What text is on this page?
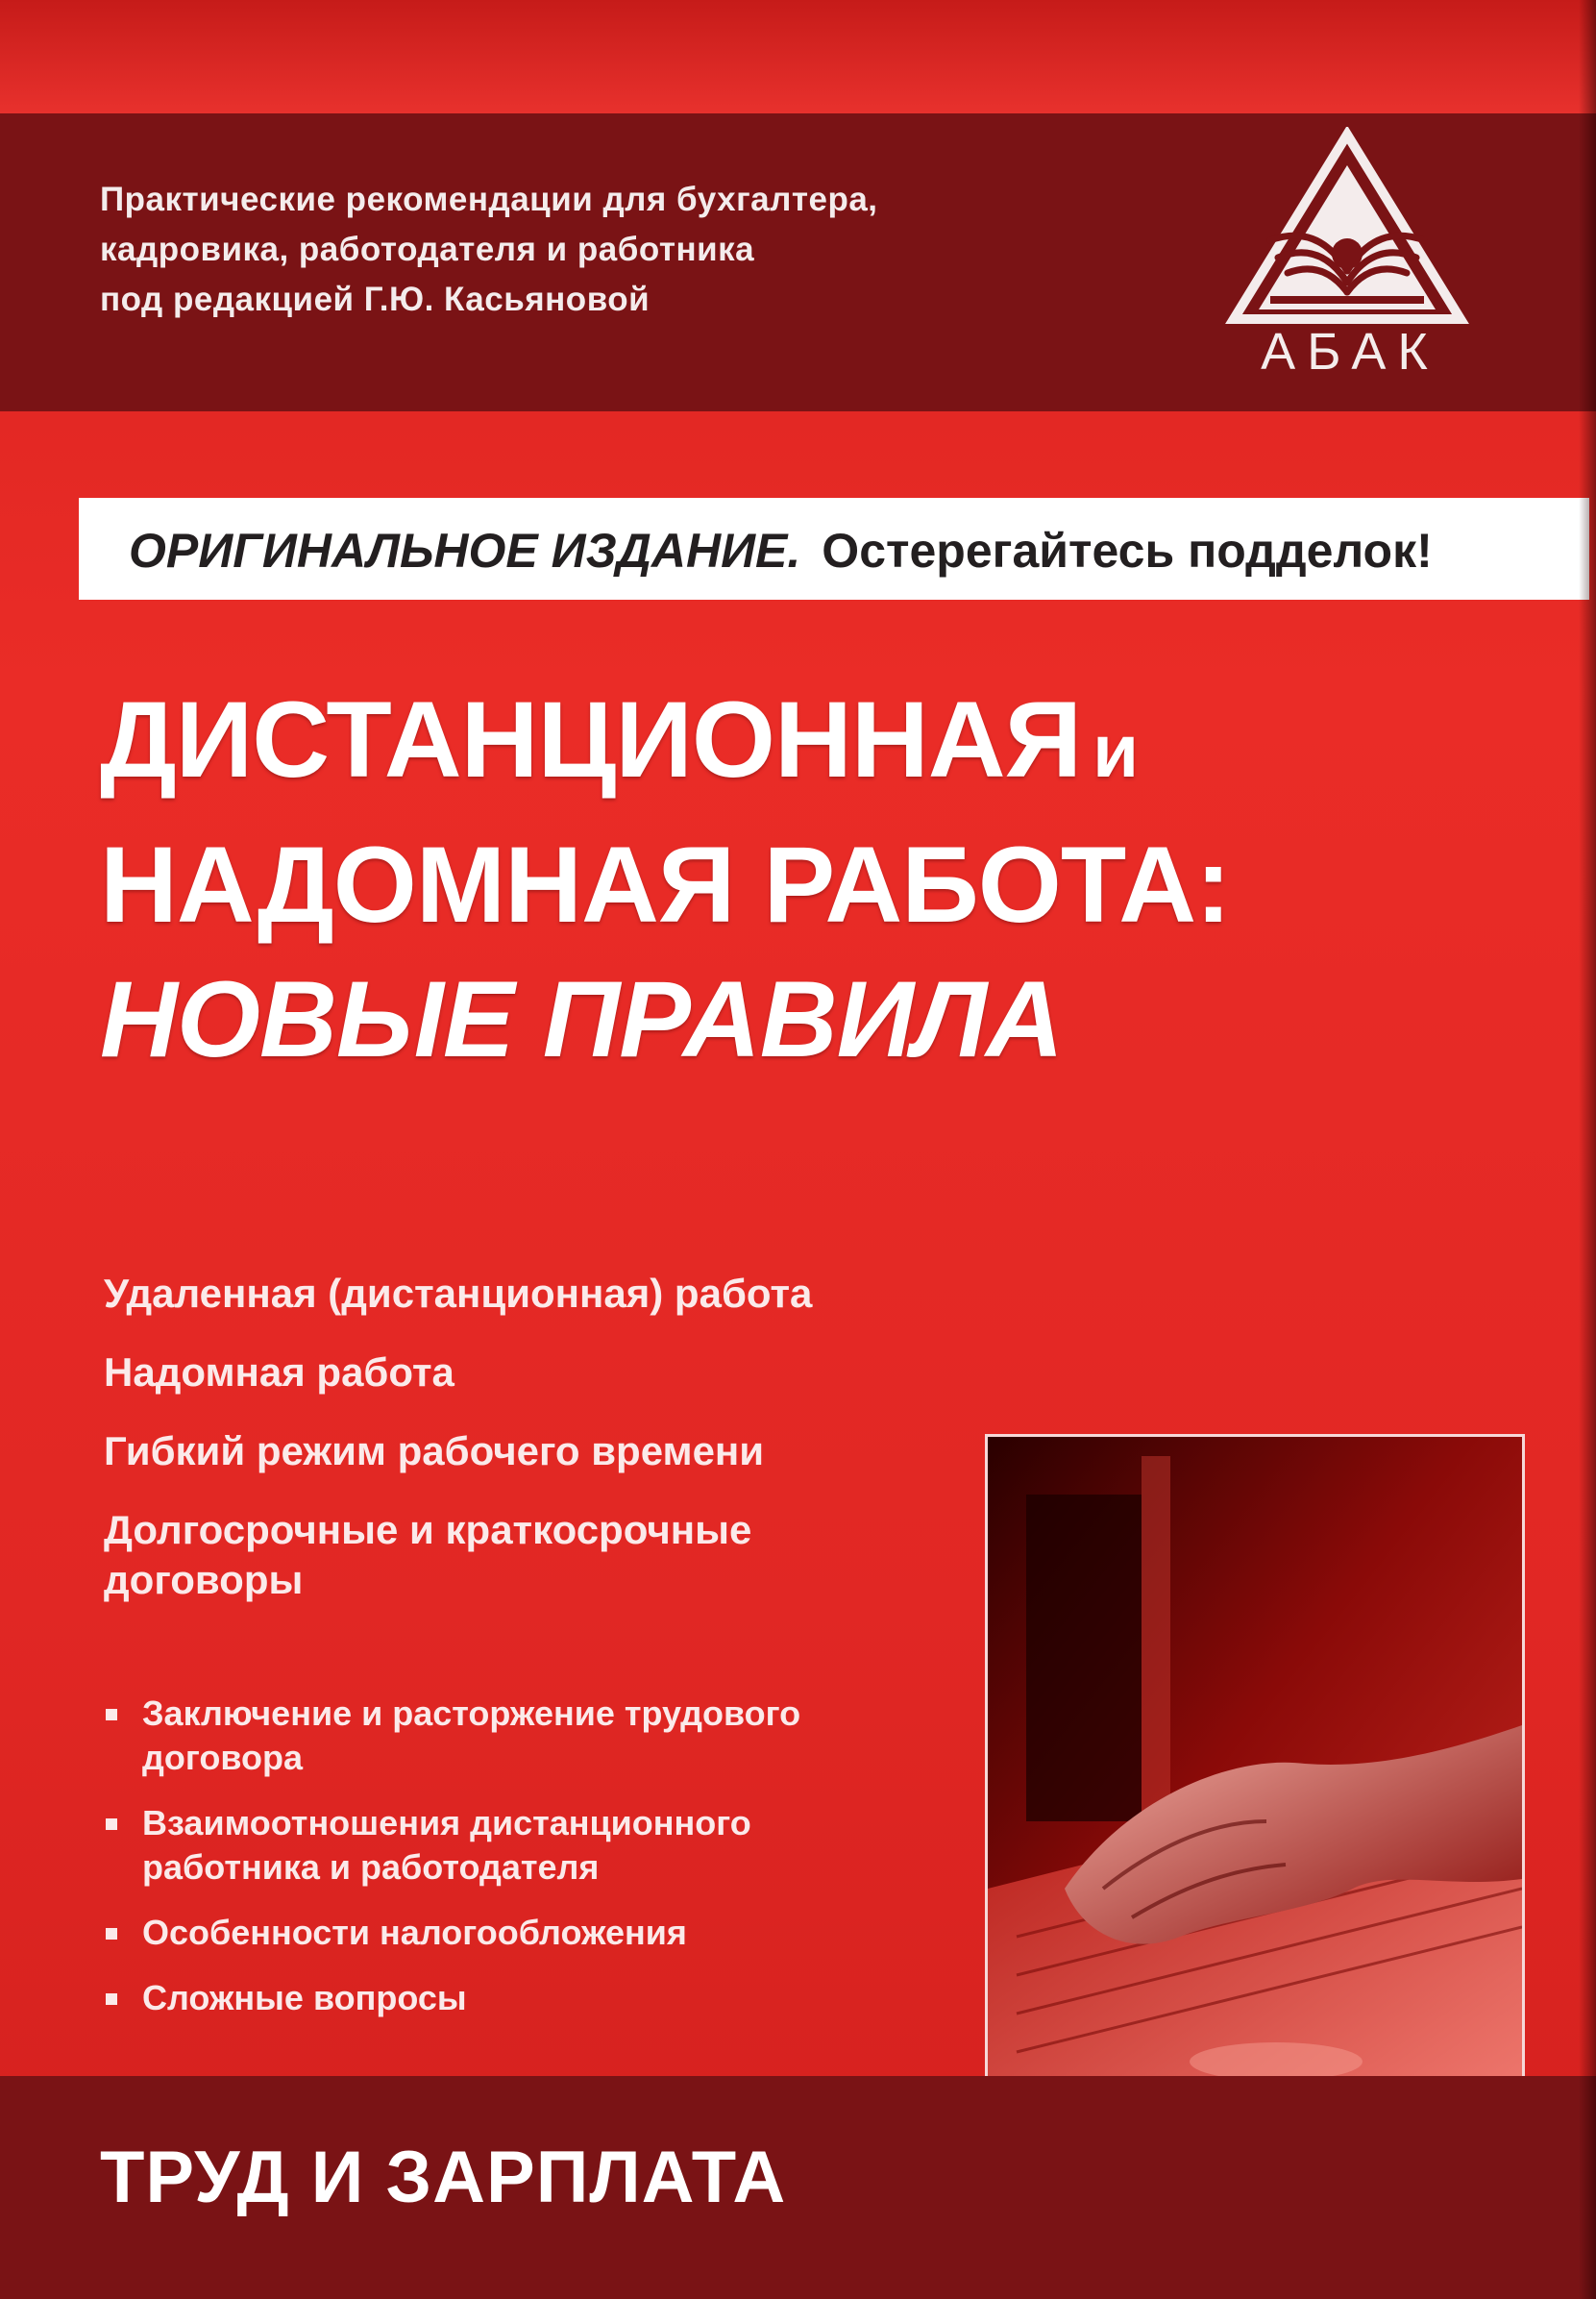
Практические рекомендации для бухгалтера,
кадровика, работодателя и работника
под редакцией Г.Ю. Касьяновой
АБАК
ОРИГИНАЛЬНОЕ ИЗДАНИЕ. Остерегайтесь подделок!
ДИСТАНЦИОННАЯ и
НАДОМНАЯ РАБОТА:
НОВЫЕ ПРАВИЛА
Удаленная (дистанционная) работа
Надомная работа
Гибкий режим рабочего времени
Долгосрочные и краткосрочные
договоры
Заключение и расторжение трудового
договора
Взаимоотношения дистанционного
работника и работодателя
Особенности налогообложения
Сложные вопросы
ТРУД И ЗАРПЛАТА
